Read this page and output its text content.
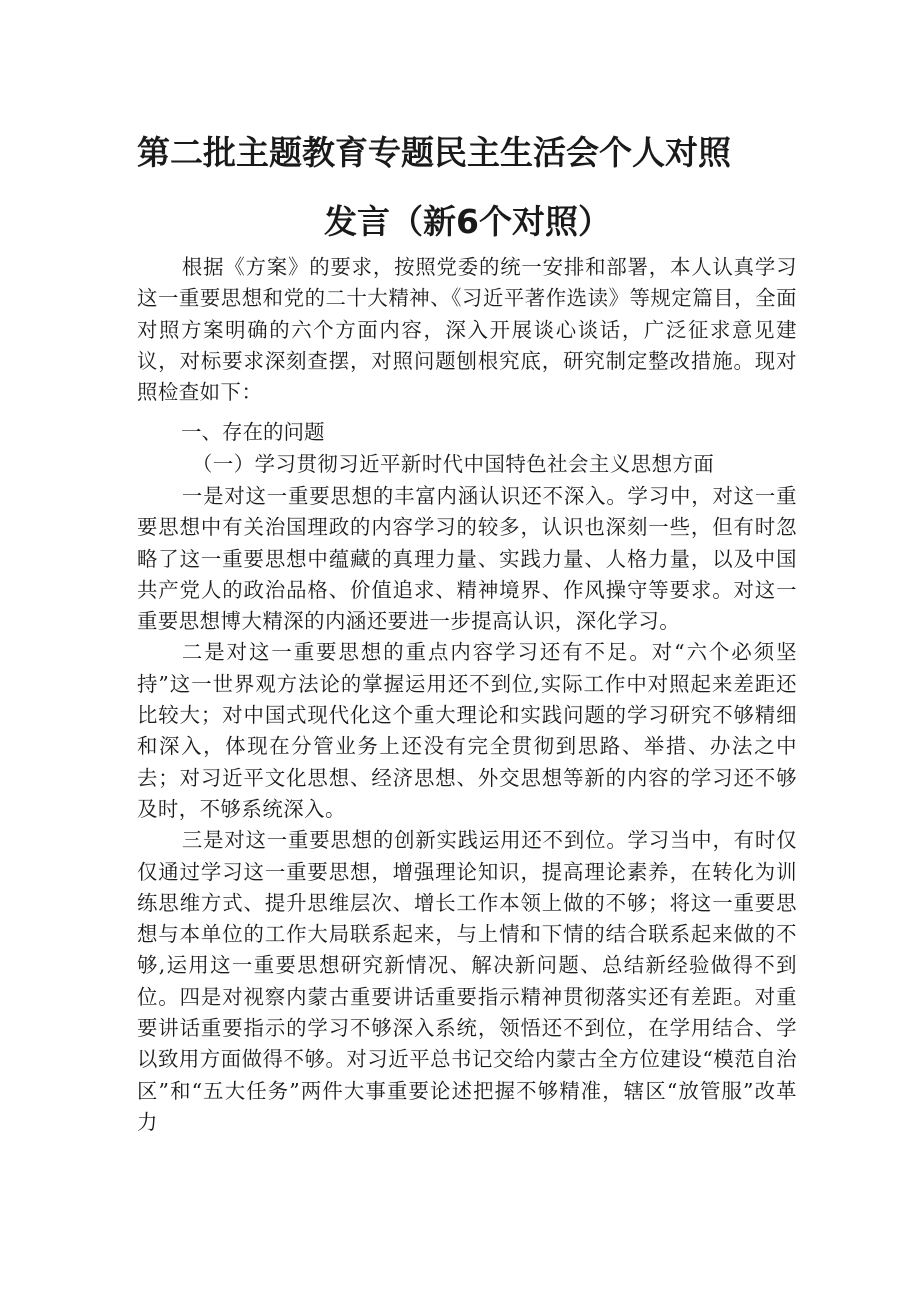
第二批主题教育专题民主生活会个人对照
发言（新6个对照）

根据《方案》的要求，按照党委的统一安排和部署，本人认真学习这一重要思想和党的二十大精神、《习近平著作选读》等规定篇目，全面对照方案明确的六个方面内容，深入开展谈心谈话，广泛征求意见建议，对标要求深刻查摆，对照问题刨根究底，研究制定整改措施。现对照检查如下：

一、存在的问题
（一）学习贯彻习近平新时代中国特色社会主义思想方面

一是对这一重要思想的丰富内涵认识还不深入。学习中，对这一重要思想中有关治国理政的内容学习的较多，认识也深刻一些，但有时忽略了这一重要思想中蕴藏的真理力量、实践力量、人格力量，以及中国共产党人的政治品格、价值追求、精神境界、作风操守等要求。对这一重要思想博大精深的内涵还要进一步提高认识，深化学习。

二是对这一重要思想的重点内容学习还有不足。对“六个必须坚持”这一世界观方法论的掌握运用还不到位,实际工作中对照起来差距还比较大；对中国式现代化这个重大理论和实践问题的学习研究不够精细和深入，体现在分管业务上还没有完全贯彻到思路、举措、办法之中去；对习近平文化思想、经济思想、外交思想等新的内容的学习还不够及时，不够系统深入。

三是对这一重要思想的创新实践运用还不到位。学习当中，有时仅仅通过学习这一重要思想，增强理论知识，提高理论素养，在转化为训练思维方式、提升思维层次、增长工作本领上做的不够；将这一重要思想与本单位的工作大局联系起来，与上情和下情的结合联系起来做的不够,运用这一重要思想研究新情况、解决新问题、总结新经验做得不到位。四是对视察内蒙古重要讲话重要指示精神贯彻落实还有差距。对重要讲话重要指示的学习不够深入系统，领悟还不到位，在学用结合、学以致用方面做得不够。对习近平总书记交给内蒙古全方位建设“模范自治区”和“五大任务”两件大事重要论述把握不够精准，辖区“放管服”改革力
